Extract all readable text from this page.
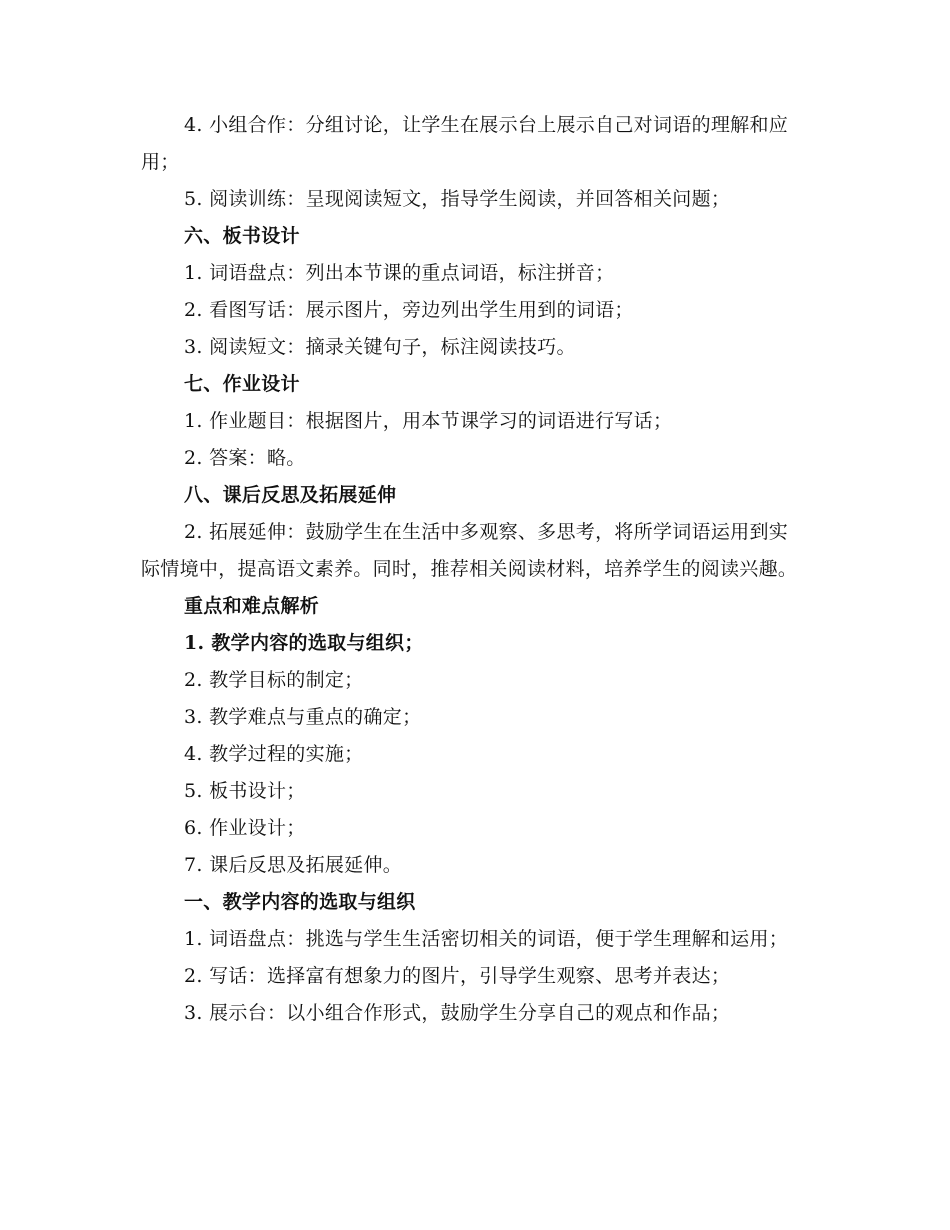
4. 小组合作：分组讨论，让学生在展示台上展示自己对词语的理解和应用；

5. 阅读训练：呈现阅读短文，指导学生阅读，并回答相关问题；

六、板书设计

1. 词语盘点：列出本节课的重点词语，标注拼音；

2. 看图写话：展示图片，旁边列出学生用到的词语；

3. 阅读短文：摘录关键句子，标注阅读技巧。

七、作业设计

1. 作业题目：根据图片，用本节课学习的词语进行写话；

2. 答案：略。

八、课后反思及拓展延伸

2. 拓展延伸：鼓励学生在生活中多观察、多思考，将所学词语运用到实际情境中，提高语文素养。同时，推荐相关阅读材料，培养学生的阅读兴趣。

重点和难点解析

1. 教学内容的选取与组织；

2. 教学目标的制定；

3. 教学难点与重点的确定；

4. 教学过程的实施；

5. 板书设计；

6. 作业设计；

7. 课后反思及拓展延伸。

一、教学内容的选取与组织

1. 词语盘点：挑选与学生生活密切相关的词语，便于学生理解和运用；

2. 写话：选择富有想象力的图片，引导学生观察、思考并表达；

3. 展示台：以小组合作形式，鼓励学生分享自己的观点和作品；
